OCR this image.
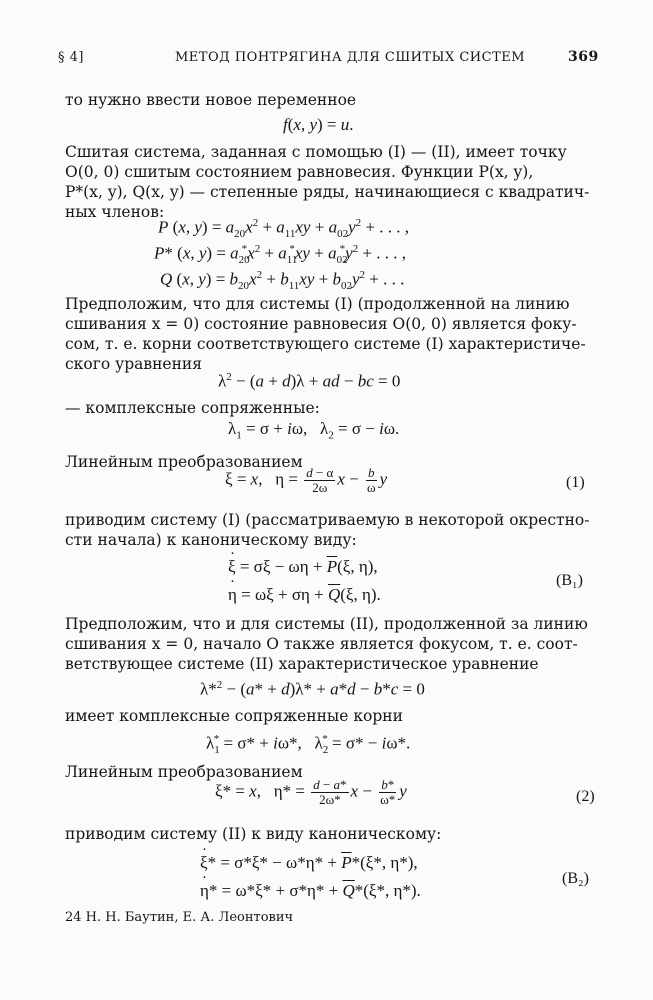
§ 4]	МЕТОД ПОНТРЯГИНА ДЛЯ СШИТЫХ СИСТЕМ	369
то нужно ввести новое переменное
f(x, y) = u.
Сшитая система, заданная с помощью (I) — (II), имеет точку
O(0, 0) сшитым состоянием равновесия. Функции P(x, y),
P*(x, y), Q(x, y) — степенные ряды, начинающиеся с квадратич-
ных членов:
P (x, $y) = a_{20}x^2 + a_{11}xy + a_{02}y^2$ + . . . ,
P* (x, $y) = a_{20}^*x^2 + a_{11}^*xy + a_{02}^*y^2$ + . . . ,
Q (x, $y) = b_{20}x^2 + b_{11}xy + b_{02}y^2$ + . . .
Предположим, что для системы (I) (продолженной на линию
сшивания x = 0) состояние равновесия O(0, 0) является фоку-
сом, т. е. корни соответствующего системе (I) характеристиче-
ского уравнения
$\lambda^2 - (a + d)\lambda$ + ad − bc = 0
— комплексные сопряженные:
$\lambda_1 = \sigma + i\omega$,   $\lambda_2 = \sigma - i\omega$.
Линейным преобразованием
ξ = x,   $\eta = \frac{d - \alpha}{2\omega}$ $x - \frac{b}{\omega}$ y	(1)
приводим систему (I) (рассматриваемую в некоторой окрестно-
сти начала) к каноническому виду:
· $\xi = \sigma\xi - \omega\eta + \overline{P}(\xi$, η),
· $\eta = \omega\xi + \sigma\eta + \overline{Q}(\xi$, η).
(B₁)
Предположим, что и для системы (II), продолженной за линию
сшивания x = 0, начало O также является фокусом, т. е. соот-
ветствующее системе (II) характеристическое уравнение
λ*$^2$ − (a* + d)λ* + a*d − b*c = 0
имеет комплексные сопряженные корни
$\lambda_1^* = \sigma* + i\omega*$,   $\lambda_2^* = \sigma* - i\omega*$.
Линейным преобразованием
ξ* = x,   $\eta* = \frac{d - a*}{2\omega*}$ $x - \frac{b*}{\omega*}$ y	(2)
приводим систему (II) к виду каноническому:
· $\xi* = \sigma*\xi* - \omega*\eta* + \overline{P}*(\xi*$, η*),
· $\eta* = \omega*\xi* + \sigma*\eta* + \overline{Q}*(\xi*$, η*).
(B₂)
24 Н. Н. Баутин, Е. А. Леонтович
